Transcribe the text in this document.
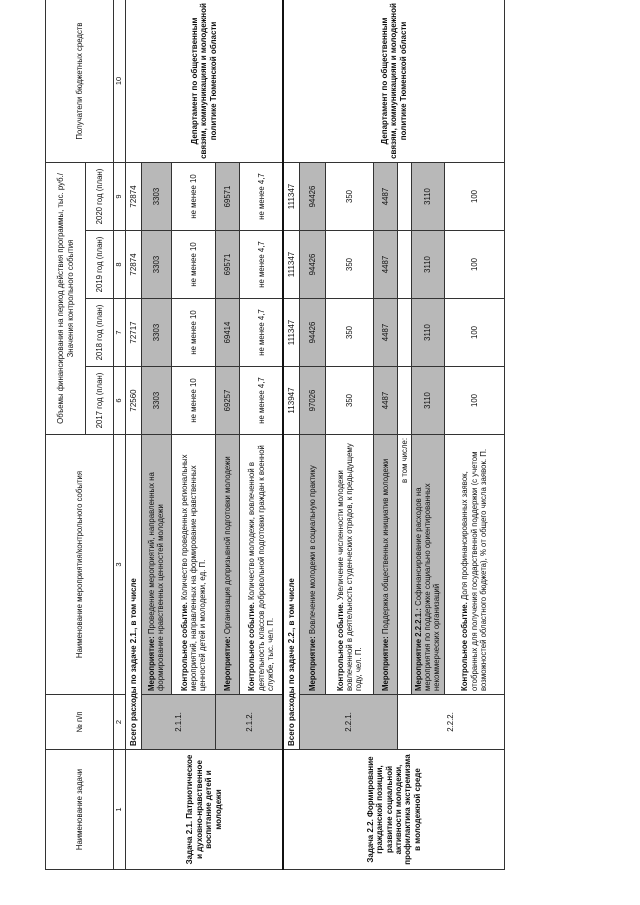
Наименование задачи	№ п/п	Наименование мероприятия/контрольного события	Объемы финансирования на период действия программы, тыс. руб./Значения контрольного события				Получатели бюджетных средств
			2017 год (план)	2018 год (план)	2019 год (план)	2020 год (план)	
1	2	3	6	7	8	9	10
Задача 2.1. Патриотическое и духовно-нравственное воспитание детей и молодежи	Всего расходы по задаче 2.1., в том числе		72560	72717	72874	72874	Департамент по общественным связям, коммуникациям и молодежной политике Тюменской области
	2.1.1.	Мероприятие: Проведение мероприятий, направленных на формирование нравственных ценностей молодежи	3303	3303	3303	3303	
		Контрольное событие. Количество проведенных региональных мероприятий, направленных на формирование нравственных ценностей детей и молодежи, ед. П.	не менее 10	не менее 10	не менее 10	не менее 10	
	2.1.2.	Мероприятие: Организация допризывной подготовки молодежи	69257	69414	69571	69571	
		Контрольное событие. Количество молодежи, вовлеченной в деятельность классов добровольной подготовки граждан к военной службе, тыс. чел. П.	не менее 4,7	не менее 4,7	не менее 4,7	не менее 4,7	
Задача 2.2. Формирование гражданской позиции, развитие социальной активности молодежи, профилактика экстремизма в молодежной среде	Всего расходы по задаче 2.2., в том числе		113947	111347	111347	111347	Департамент по общественным связям, коммуникациям и молодежной политике Тюменской области
	2.2.1.	Мероприятие: Вовлечение молодежи в социальную практику	97026	94426	94426	94426	
		Контрольное событие. Увеличение численности молодежи вовлеченной в деятельность студенческих отрядов, к предыдущему году, чел. П.	350	350	350	350	
		Мероприятие: Поддержка общественных инициатив молодежи	4487	4487	4487	4487	
	2.2.2.	в том числе:					
		Мероприятие 2.2.2.1.: Софинансирование расходов на мероприятия по поддержке социально ориентированных некоммерческих организаций	3110	3110	3110	3110	
		Контрольное событие. Доля профинансированных заявок, отобранных для получения государственной поддержки (с учетом возможностей областного бюджета), % от общего числа заявок. П.	100	100	100	100	
